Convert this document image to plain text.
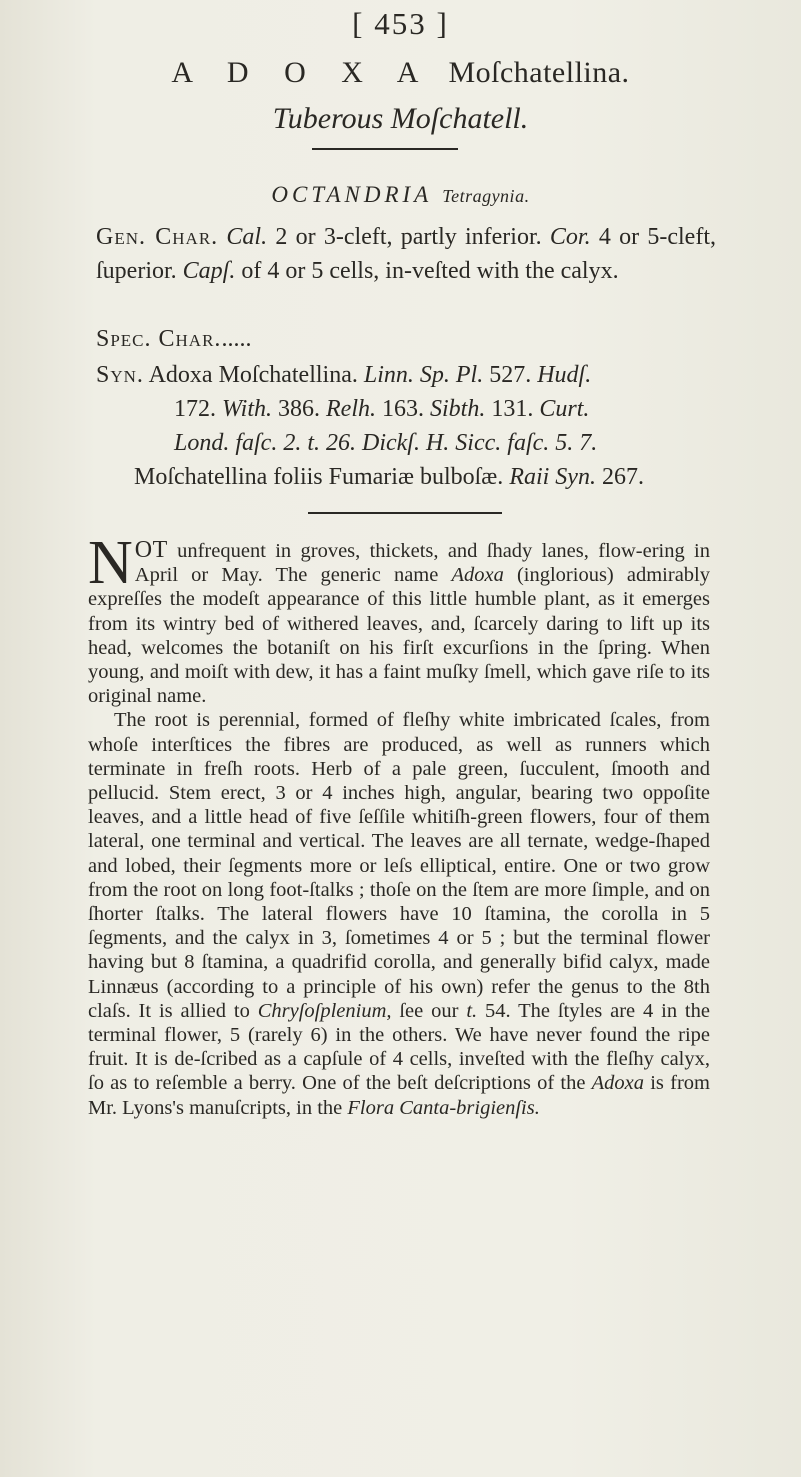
[ 453 ]
A D O X A Moſchatellina.
Tuberous Moſchatell.
OCTANDRIA Tetragynia.
Gen. Char. Cal. 2 or 3-cleft, partly inferior. Cor. 4 or 5-cleft, ſuperior. Capſ. of 4 or 5 cells, in-veſted with the calyx.
Spec. Char......
Syn. Adoxa Moſchatellina. Linn. Sp. Pl. 527. Hudſ.
172. With. 386. Relh. 163. Sibth. 131. Curt.
Lond. faſc. 2. t. 26. Dickſ. H. Sicc. faſc. 5. 7.
Moſchatellina foliis Fumariæ bulboſæ. Raii Syn. 267.

NOT unfrequent in groves, thickets, and ſhady lanes, flow-ering in April or May. The generic name Adoxa (inglorious) admirably expreſſes the modeſt appearance of this little humble plant, as it emerges from its wintry bed of withered leaves, and, ſcarcely daring to lift up its head, welcomes the botaniſt on his firſt excurſions in the ſpring. When young, and moiſt with dew, it has a faint muſky ſmell, which gave riſe to its original name.

The root is perennial, formed of fleſhy white imbricated ſcales, from whoſe interſtices the fibres are produced, as well as runners which terminate in freſh roots. Herb of a pale green, ſucculent, ſmooth and pellucid. Stem erect, 3 or 4 inches high, angular, bearing two oppoſite leaves, and a little head of five ſeſſile whitiſh-green flowers, four of them lateral, one terminal and vertical. The leaves are all ternate, wedge-ſhaped and lobed, their ſegments more or leſs elliptical, entire. One or two grow from the root on long foot-ſtalks ; thoſe on the ſtem are more ſimple, and on ſhorter ſtalks. The lateral flowers have 10 ſtamina, the corolla in 5 ſegments, and the calyx in 3, ſometimes 4 or 5 ; but the terminal flower having but 8 ſtamina, a quadrifid corolla, and generally bifid calyx, made Linnæus (according to a principle of his own) refer the genus to the 8th claſs. It is allied to Chryſoſplenium, ſee our t. 54. The ſtyles are 4 in the terminal flower, 5 (rarely 6) in the others. We have never found the ripe fruit. It is de-ſcribed as a capſule of 4 cells, inveſted with the fleſhy calyx, ſo as to reſemble a berry. One of the beſt deſcriptions of the Adoxa is from Mr. Lyons's manuſcripts, in the Flora Canta-brigienſis.
